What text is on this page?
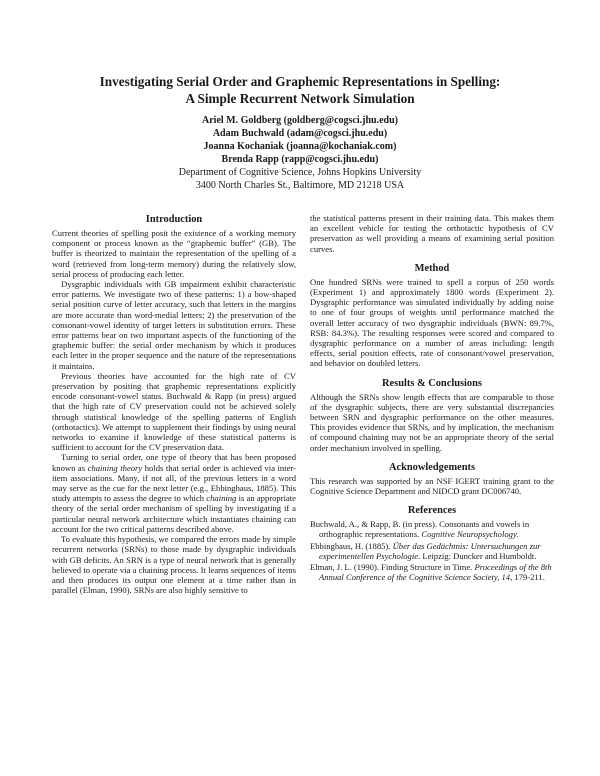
Investigating Serial Order and Graphemic Representations in Spelling:
A Simple Recurrent Network Simulation
Ariel M. Goldberg (goldberg@cogsci.jhu.edu)
Adam Buchwald (adam@cogsci.jhu.edu)
Joanna Kochaniak (joanna@kochaniak.com)
Brenda Rapp (rapp@cogsci.jhu.edu)
Department of Cognitive Science, Johns Hopkins University
3400 North Charles St., Baltimore, MD 21218 USA
Introduction

Current theories of spelling posit the existence of a working memory component or process known as the “graphemic buffer” (GB). The buffer is theorized to maintain the representation of the spelling of a word (retrieved from long-term memory) during the relatively slow, serial process of producing each letter.

Dysgraphic individuals with GB impairment exhibit characteristic error patterns. We investigate two of these patterns: 1) a bow-shaped serial position curve of letter accuracy, such that letters in the margins are more accurate than word-medial letters; 2) the preservation of the consonant-vowel identity of target letters in substitution errors. These error patterns bear on two important aspects of the functioning of the graphemic buffer: the serial order mechanism by which it produces each letter in the proper sequence and the nature of the representations it maintains.

Previous theories have accounted for the high rate of CV preservation by positing that graphemic representations explicitly encode consonant-vowel status. Buchwald & Rapp (in press) argued that the high rate of CV preservation could not be achieved solely through statistical knowledge of the spelling patterns of English (orthotactics). We attempt to supplement their findings by using neural networks to examine if knowledge of these statistical patterns is sufficient to account for the CV preservation data.

Turning to serial order, one type of theory that has been proposed known as chaining theory holds that serial order is achieved via inter-item associations. Many, if not all, of the previous letters in a word may serve as the cue for the next letter (e.g., Ebbinghaus, 1885). This study attempts to assess the degree to which chaining is an appropriate theory of the serial order mechanism of spelling by investigating if a particular neural network architecture which instantiates chaining can account for the two critical patterns described above.

To evaluate this hypothesis, we compared the errors made by simple recurrent networks (SRNs) to those made by dysgraphic individuals with GB deficits. An SRN is a type of neural network that is generally believed to operate via a chaining process. It learns sequences of items and then produces its output one element at a time rather than in parallel (Elman, 1990). SRNs are also highly sensitive to

the statistical patterns present in their training data. This makes them an excellent vehicle for testing the orthotactic hypothesis of CV preservation as well providing a means of examining serial position curves.

Method

One hundred SRNs were trained to spell a corpus of 250 words (Experiment 1) and approximately 1800 words (Experiment 2). Dysgraphic performance was simulated individually by adding noise to one of four groups of weights until performance matched the overall letter accuracy of two dysgraphic individuals (BWN: 89.7%, RSB: 84.3%). The resulting responses were scored and compared to dysgraphic performance on a number of areas including: length effects, serial position effects, rate of consonant/vowel preservation, and behavior on doubled letters.

Results & Conclusions

Although the SRNs show length effects that are comparable to those of the dysgraphic subjects, there are very substantial discrepancies between SRN and dysgraphic performance on the other measures. This provides evidence that SRNs, and by implication, the mechanism of compound chaining may not be an appropriate theory of the serial order mechanism involved in spelling.

Acknowledgements

This research was supported by an NSF IGERT training grant to the Cognitive Science Department and NIDCD grant DC006740.

References

Buchwald, A., & Rapp, B. (in press). Consonants and vowels in orthographic representations. Cognitive Neuropsychology.

Ebbinghaus, H. (1885). Über das Gedächtnis: Untersuchungen zur experimentellen Psychologie. Leipzig: Duncker and Humboldt.

Elman, J. L. (1990). Finding Structure in Time. Proceedings of the 8th Annual Conference of the Cognitive Science Society, 14, 179-211.
